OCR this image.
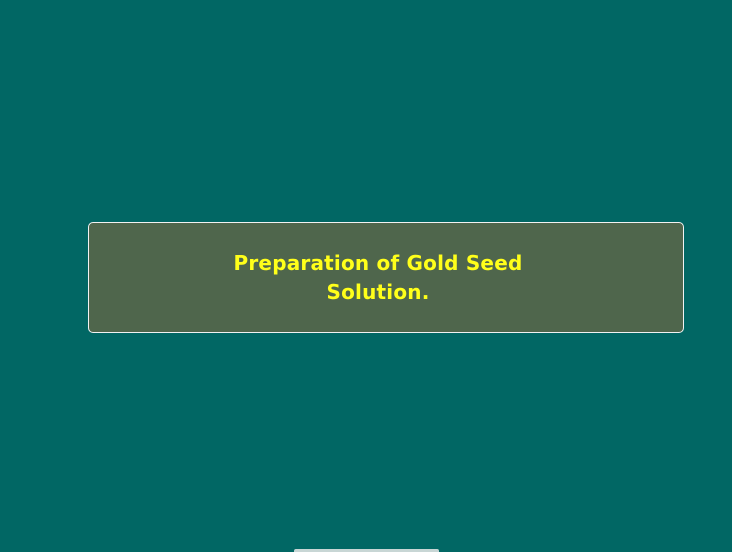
Preparation of Gold Seed Solution.
